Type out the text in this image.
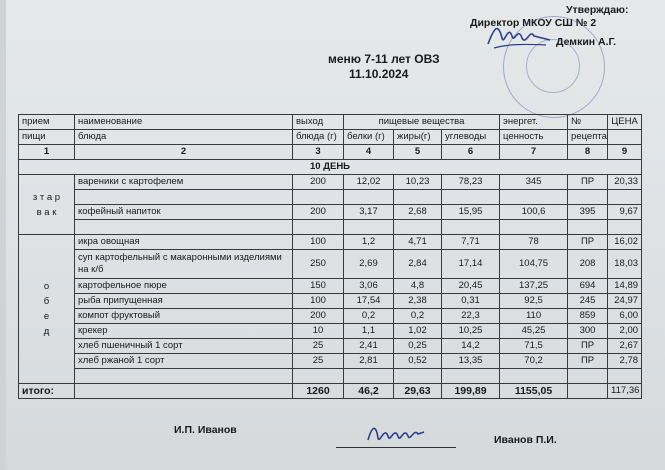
Утверждаю:
Директор МКОУ СШ № 2
Демкин А.Г.
меню 7-11 лет ОВЗ
11.10.2024
прием	наименование	выход	пищевые вещества			энергет.	№	ЦЕНА
пищи	блюда	блюда (г)	белки (г)	жиры(г)	углеводы	ценность	рецепта	
1	2	3	4	5	6	7	8	9
10 ДЕНЬ								
з т а р в а к	вареники с картофелем	200	12,02	10,23	78,23	345	ПР	20,33

	кофейный напиток	200	3,17	2,68	15,95	100,6	395	9,67

о б е д	икра овощная	100	1,2	4,71	7,71	78	ПР	16,02
	суп картофельный с макаронными изделиями на к/б	250	2,69	2,84	17,14	104,75	208	18,03
	картофельное пюре	150	3,06	4,8	20,45	137,25	694	14,89
	рыба припущенная	100	17,54	2,38	0,31	92,5	245	24,97
	компот фруктовый	200	0,2	0,2	22,3	110	859	6,00
	крекер	10	1,1	1,02	10,25	45,25	300	2,00
	хлеб пшеничный 1 сорт	25	2,41	0,25	14,2	71,5	ПР	2,67
	хлеб ржаной 1 сорт	25	2,81	0,52	13,35	70,2	ПР	2,78

итого:		1260	46,2	29,63	199,89	1155,05		117,36
И.П. Иванов
Иванов П.И.
